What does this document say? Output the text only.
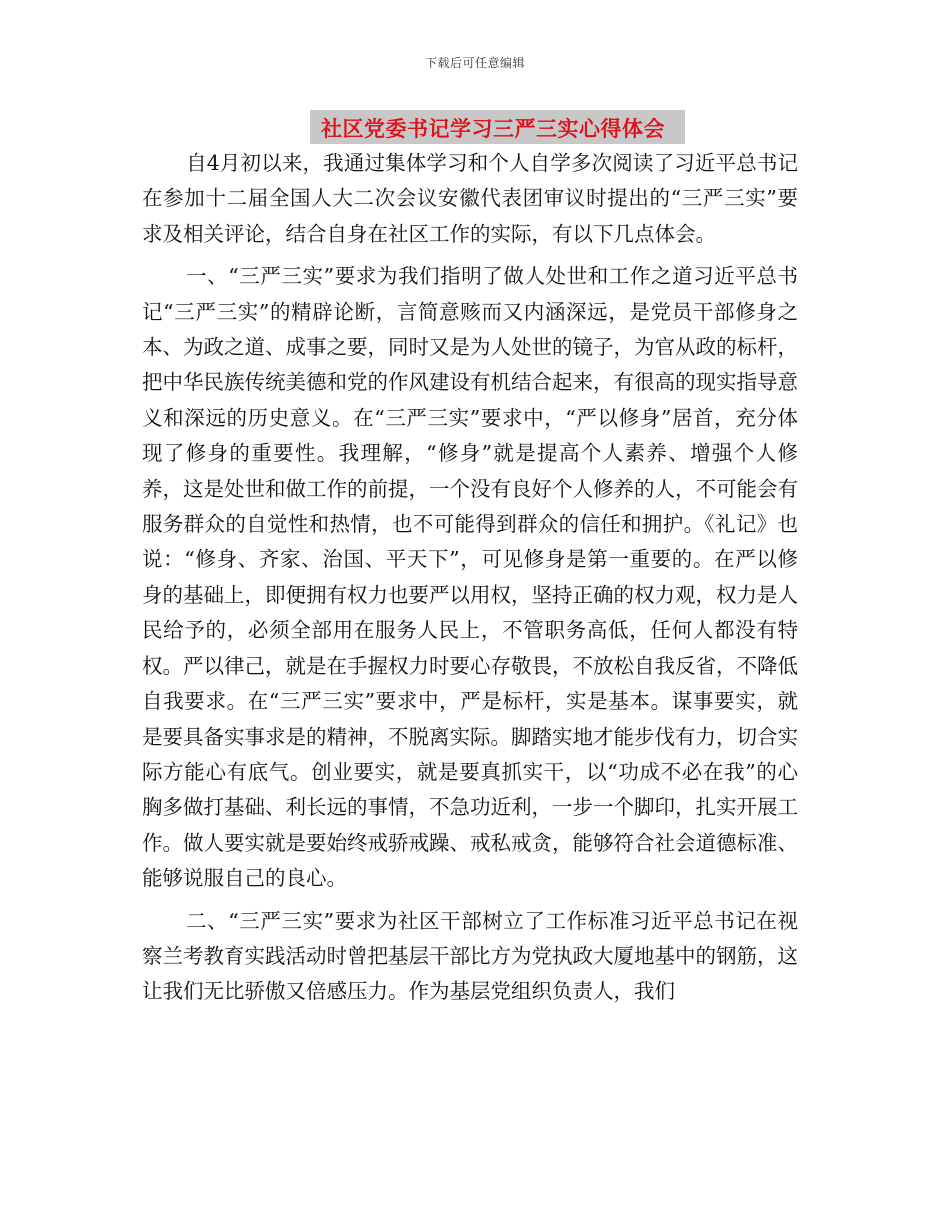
下载后可任意编辑
社区党委书记学习三严三实心得体会

自4月初以来，我通过集体学习和个人自学多次阅读了习近平总书记在参加十二届全国人大二次会议安徽代表团审议时提出的“三严三实”要求及相关评论，结合自身在社区工作的实际，有以下几点体会。

一、“三严三实”要求为我们指明了做人处世和工作之道习近平总书记“三严三实”的精辟论断，言简意赅而又内涵深远，是党员干部修身之本、为政之道、成事之要，同时又是为人处世的镜子，为官从政的标杆，把中华民族传统美德和党的作风建设有机结合起来，有很高的现实指导意义和深远的历史意义。在“三严三实”要求中，“严以修身”居首，充分体现了修身的重要性。我理解，“修身”就是提高个人素养、增强个人修养，这是处世和做工作的前提，一个没有良好个人修养的人，不可能会有服务群众的自觉性和热情，也不可能得到群众的信任和拥护。《礼记》也说：“修身、齐家、治国、平天下”，可见修身是第一重要的。在严以修身的基础上，即便拥有权力也要严以用权，坚持正确的权力观，权力是人民给予的，必须全部用在服务人民上，不管职务高低，任何人都没有特权。严以律己，就是在手握权力时要心存敬畏，不放松自我反省，不降低自我要求。在“三严三实”要求中，严是标杆，实是基本。谋事要实，就是要具备实事求是的精神，不脱离实际。脚踏实地才能步伐有力，切合实际方能心有底气。创业要实，就是要真抓实干，以“功成不必在我”的心胸多做打基础、利长远的事情，不急功近利，一步一个脚印，扎实开展工作。做人要实就是要始终戒骄戒躁、戒私戒贪，能够符合社会道德标准、能够说服自己的良心。

二、“三严三实”要求为社区干部树立了工作标准习近平总书记在视察兰考教育实践活动时曾把基层干部比方为党执政大厦地基中的钢筋，这让我们无比骄傲又倍感压力。作为基层党组织负责人，我们
